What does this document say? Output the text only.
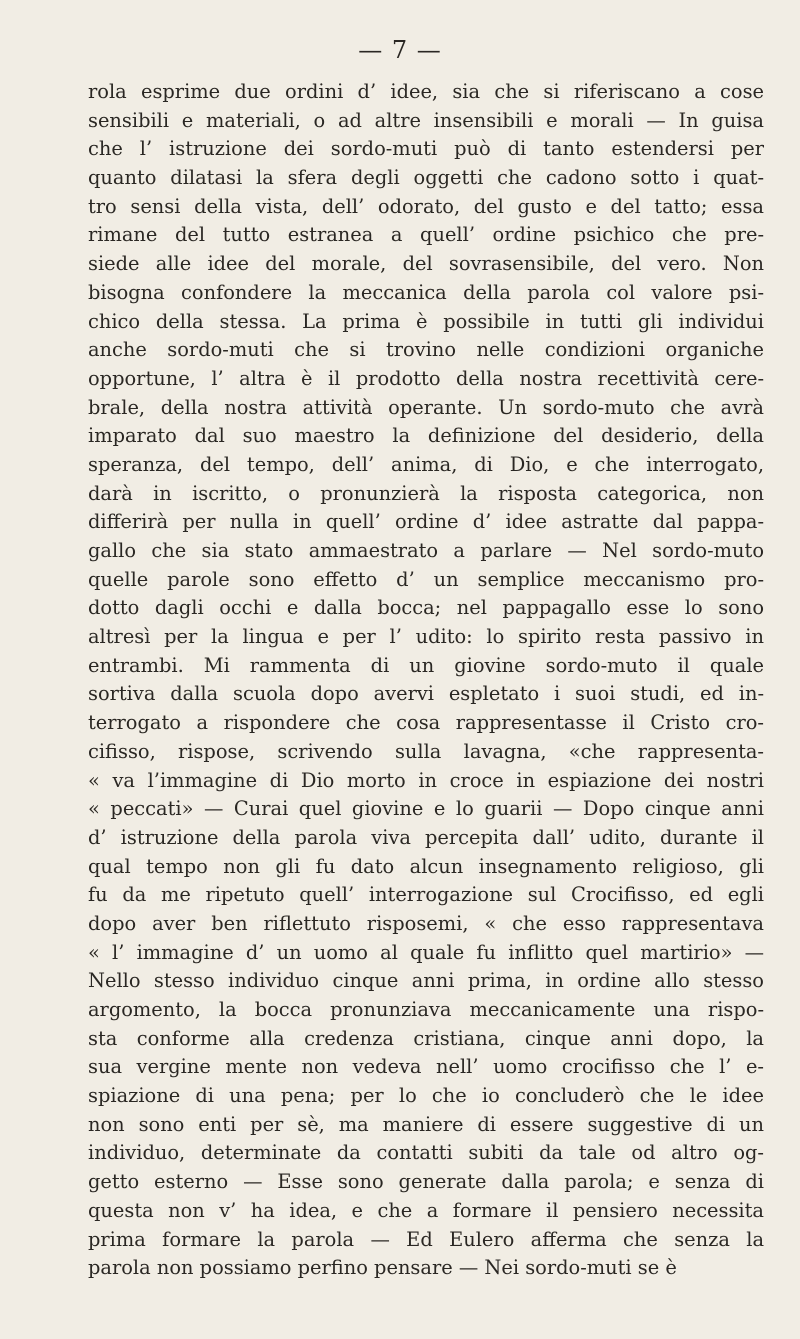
— 7 —
rola esprime due ordini d’ idee, sia che si riferiscano a cose
sensibili e materiali, o ad altre insensibili e morali — In guisa
che l’ istruzione dei sordo-muti può di tanto estendersi per
quanto dilatasi la sfera degli oggetti che cadono sotto i quat-
tro sensi della vista, dell’ odorato, del gusto e del tatto; essa
rimane del tutto estranea a quell’ ordine psichico che pre-
siede alle idee del morale, del sovrasensibile, del vero. Non
bisogna confondere la meccanica della parola col valore psi-
chico della stessa. La prima è possibile in tutti gli individui
anche sordo-muti che si trovino nelle condizioni organiche
opportune, l’ altra è il prodotto della nostra recettività cere-
brale, della nostra attività operante. Un sordo-muto che avrà
imparato dal suo maestro la definizione del desiderio, della
speranza, del tempo, dell’ anima, di Dio, e che interrogato,
darà in iscritto, o pronunzierà la risposta categorica, non
differirà per nulla in quell’ ordine d’ idee astratte dal pappa-
gallo che sia stato ammaestrato a parlare — Nel sordo-muto
quelle parole sono effetto d’ un semplice meccanismo pro-
dotto dagli occhi e dalla bocca; nel pappagallo esse lo sono
altresì per la lingua e per l’ udito: lo spirito resta passivo in
entrambi. Mi rammenta di un giovine sordo-muto il quale
sortiva dalla scuola dopo avervi espletato i suoi studi, ed in-
terrogato a rispondere che cosa rappresentasse il Cristo cro-
cifisso, rispose, scrivendo sulla lavagna, «che rappresenta-
« va l’immagine di Dio morto in croce in espiazione dei nostri
« peccati» — Curai quel giovine e lo guarii — Dopo cinque anni
d’ istruzione della parola viva percepita dall’ udito, durante il
qual tempo non gli fu dato alcun insegnamento religioso, gli
fu da me ripetuto quell’ interrogazione sul Crocifisso, ed egli
dopo aver ben riflettuto risposemi, « che esso rappresentava
« l’ immagine d’ un uomo al quale fu inflitto quel martirio» —
Nello stesso individuo cinque anni prima, in ordine allo stesso
argomento, la bocca pronunziava meccanicamente una rispo-
sta conforme alla credenza cristiana, cinque anni dopo, la
sua vergine mente non vedeva nell’ uomo crocifisso che l’ e-
spiazione di una pena; per lo che io concluderò che le idee
non sono enti per sè, ma maniere di essere suggestive di un
individuo, determinate da contatti subiti da tale od altro og-
getto esterno — Esse sono generate dalla parola; e senza di
questa non v’ ha idea, e che a formare il pensiero necessita
prima formare la parola — Ed Eulero afferma che senza la
parola non possiamo perfino pensare — Nei sordo-muti se è
